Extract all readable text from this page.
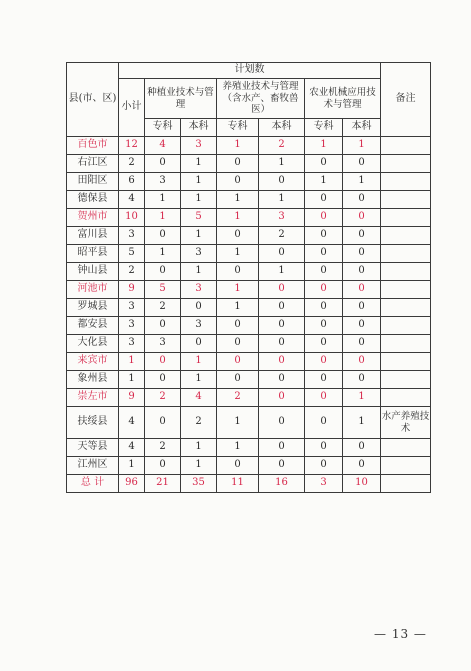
县(市、区)	计划数							备注
	小计	种植业技术与管理		养殖业技术与管理（含水产、畜牧兽医）		农业机械应用技术与管理		
		专科	本科	专科	本科	专科	本科	
百色市	12	4	3	1	2	1	1	
右江区	2	0	1	0	1	0	0	
田阳区	6	3	1	0	0	1	1	
德保县	4	1	1	1	1	0	0	
贺州市	10	1	5	1	3	0	0	
富川县	3	0	1	0	2	0	0	
昭平县	5	1	3	1	0	0	0	
钟山县	2	0	1	0	1	0	0	
河池市	9	5	3	1	0	0	0	
罗城县	3	2	0	1	0	0	0	
都安县	3	0	3	0	0	0	0	
大化县	3	3	0	0	0	0	0	
来宾市	1	0	1	0	0	0	0	
象州县	1	0	1	0	0	0	0	
崇左市	9	2	4	2	0	0	1	
扶绥县	4	0	2	1	0	0	1	水产养殖技术
天等县	4	2	1	1	0	0	0	
江州区	1	0	1	0	0	0	0	
总 计	96	21	35	11	16	3	10	
— 13 —
